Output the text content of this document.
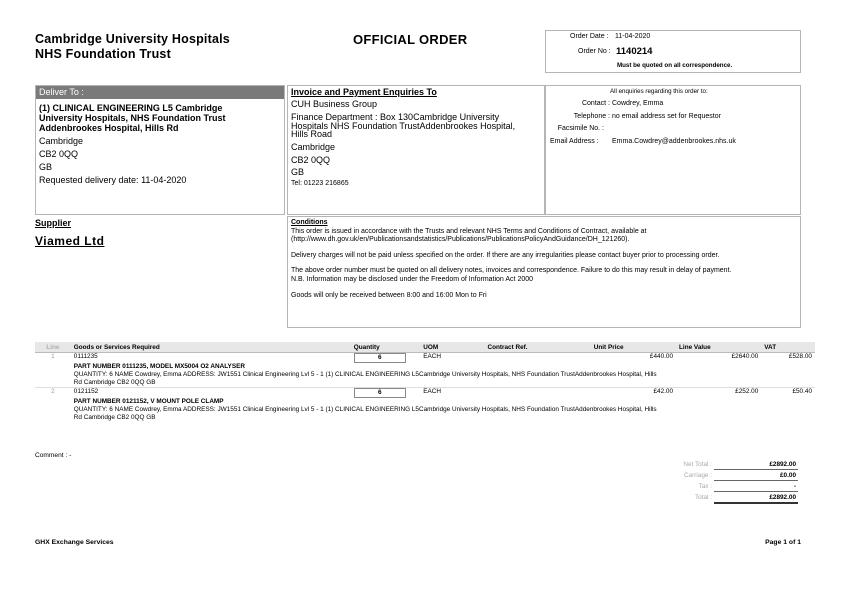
Cambridge University Hospitals
NHS Foundation Trust
OFFICIAL ORDER	Order Date : 11-04-2020
Order No : 1140214
Must be quoted on all correspondence.
Deliver To :
(1) CLINICAL ENGINEERING L5 Cambridge
University Hospitals, NHS Foundation Trust
Addenbrookes Hospital, Hills Rd
Cambridge
CB2 0QQ
GB
Requested delivery date: 11-04-2020
Invoice and Payment Enquiries To
CUH Business Group
Finance Department : Box 130Cambridge University
Hospitals NHS Foundation TrustAddenbrookes Hospital,
Hills Road
Cambridge
CB2 0QQ
GB
Tel: 01223 216865
All enquiries regarding this order to:
Contact : Cowdrey, Emma
Telephone : no email address set for Requestor
Facsimile No. :
Email Address : Emma.Cowdrey@addenbrookes.nhs.uk
Supplier
Viamed Ltd
Conditions
This order is issued in accordance with the Trusts and relevant NHS Terms and Conditions of Contract, available at
(http://www.dh.gov.uk/en/Publicationsandstatistics/Publications/PublicationsPolicyAndGuidance/DH_121260).
Delivery charges will not be paid unless specified on the order. If there are any irregularities please contact buyer prior to processing order.
The above order number must be quoted on all delivery notes, invoices and correspondence. Failure to do this may result in delay of payment.
N.B. Information may be disclosed under the Freedom of Information Act 2000
Goods will only be received between 8:00 and 16:00 Mon to Fri
Line	Goods or Services Required	Quantity	UOM	Contract Ref.	Unit Price	Line Value	VAT
1	0111235	6	EACH		£440.00	£2640.00	£528.00

	PART NUMBER 0111235, MODEL MX5004 O2 ANALYSER
QUANTITY: 6 NAME Cowdrey, Emma ADDRESS: JW1551 Clinical Engineering Lvl 5 - 1 (1) CLINICAL ENGINEERING L5Cambridge University Hospitals, NHS Foundation TrustAddenbrookes Hospital, Hills
Rd Cambridge CB2 0QQ GB						

2	0121152	6	EACH		£42.00	£252.00	£50.40

	PART NUMBER 0121152, V MOUNT POLE CLAMP
QUANTITY: 6 NAME Cowdrey, Emma ADDRESS: JW1551 Clinical Engineering Lvl 5 - 1 (1) CLINICAL ENGINEERING L5Cambridge University Hospitals, NHS Foundation TrustAddenbrookes Hospital, Hills
Rd Cambridge CB2 0QQ GB						
Comment : -
Net Total :	£2892.00
Carriage :	£0.00
Tax :	-
Total :	£2892.00
GHX Exchange Services	Page 1 of 1
